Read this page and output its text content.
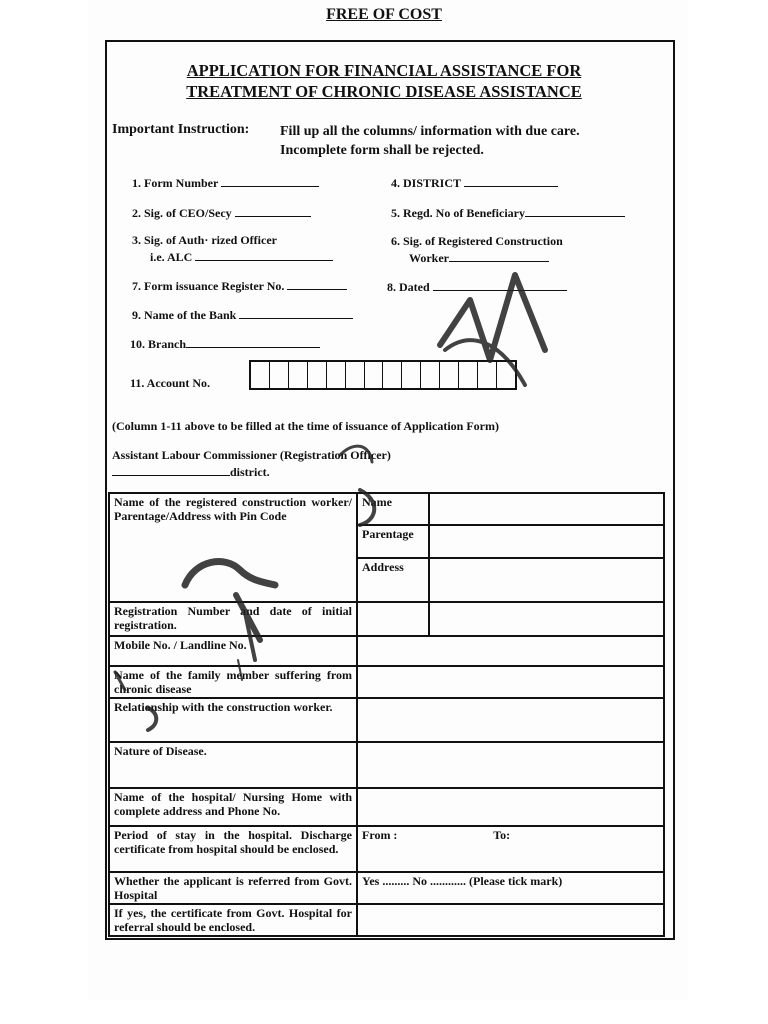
FREE OF COST
APPLICATION FOR FINANCIAL ASSISTANCE FOR
TREATMENT OF CHRONIC DISEASE ASSISTANCE
Important Instruction: Fill up all the columns/ information with due care.
Incomplete form shall be rejected.
1. Form Number
2. Sig. of CEO/Secy
3. Sig. of Auth· rized Officer
i.e. ALC
7. Form issuance Register No.
9. Name of the Bank
10. Branch
11. Account No.
4. DISTRICT
5. Regd. No of Beneficiary
6. Sig. of Registered Construction
Worker
8. Dated
(Column 1-11 above to be filled at the time of issuance of Application Form)
Assistant Labour Commissioner (Registration Officer)
district.
Name of the registered construction worker/ Parentage/Address with Pin Code	Name	
	Parentage	
	Address	
Registration Number and date of initial registration.		
Mobile No. / Landline No.		
Name of the family member suffering from chronic disease		
Relationship with the construction worker.		
Nature of Disease.		
Name of the hospital/ Nursing Home with complete address and Phone No.		
Period of stay in the hospital. Discharge certificate from hospital should be enclosed.	From : To:	
Whether the applicant is referred from Govt. Hospital	Yes ......... No ............ (Please tick mark)	
If yes, the certificate from Govt. Hospital for referral should be enclosed.		
